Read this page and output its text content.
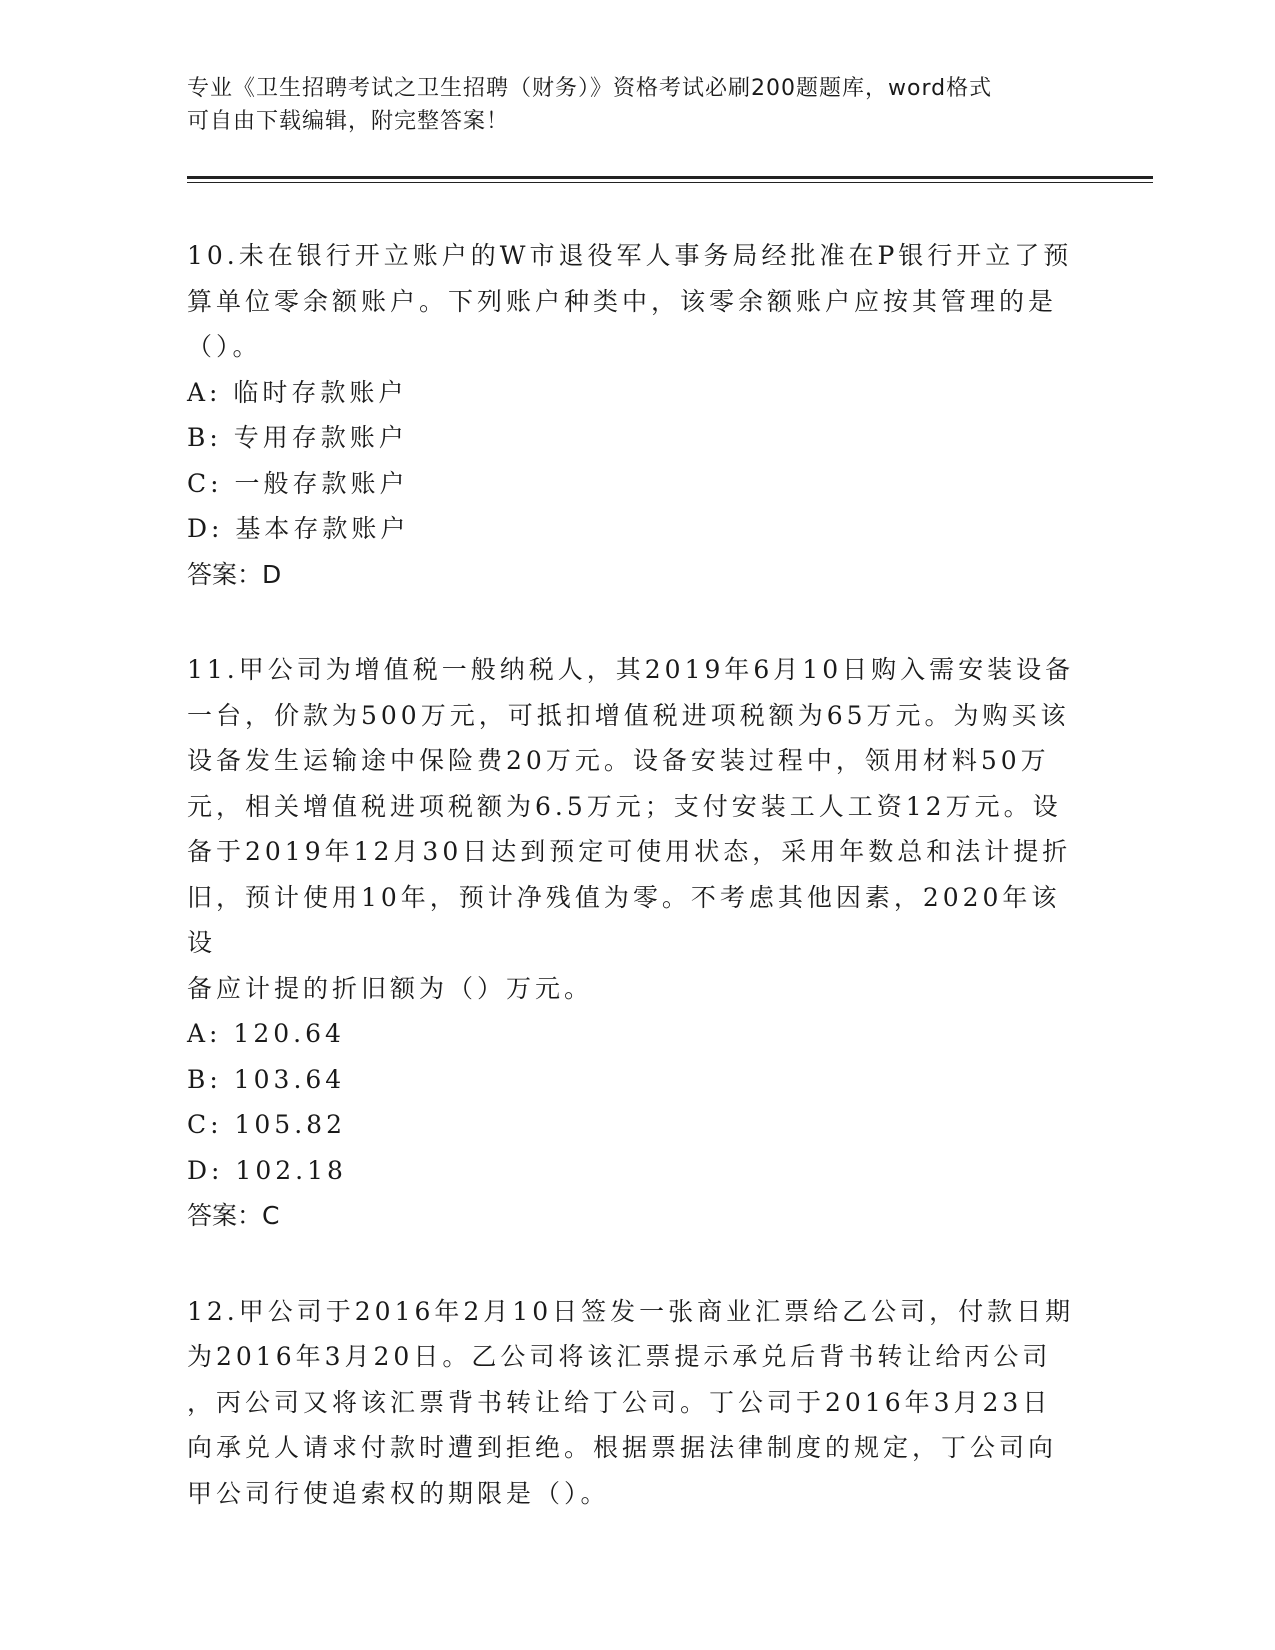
专业《卫生招聘考试之卫生招聘（财务）》资格考试必刷200题题库，word格式
可自由下载编辑，附完整答案！

10.未在银行开立账户的W市退役军人事务局经批准在P银行开立了预

算单位零余额账户。下列账户种类中，该零余额账户应按其管理的是

（）。

A: 临时存款账户

B: 专用存款账户

C: 一般存款账户

D: 基本存款账户

答案：D

11.甲公司为增值税一般纳税人，其2019年6月10日购入需安装设备

一台，价款为500万元，可抵扣增值税进项税额为65万元。为购买该

设备发生运输途中保险费20万元。设备安装过程中，领用材料50万

元，相关增值税进项税额为6.5万元；支付安装工人工资12万元。设

备于2019年12月30日达到预定可使用状态，采用年数总和法计提折

旧，预计使用10年，预计净残值为零。不考虑其他因素，2020年该设

备应计提的折旧额为（）万元。

A: 120.64

B: 103.64

C: 105.82

D: 102.18

答案：C

12.甲公司于2016年2月10日签发一张商业汇票给乙公司，付款日期

为2016年3月20日。乙公司将该汇票提示承兑后背书转让给丙公司

，丙公司又将该汇票背书转让给丁公司。丁公司于2016年3月23日

向承兑人请求付款时遭到拒绝。根据票据法律制度的规定，丁公司向

甲公司行使追索权的期限是（）。
